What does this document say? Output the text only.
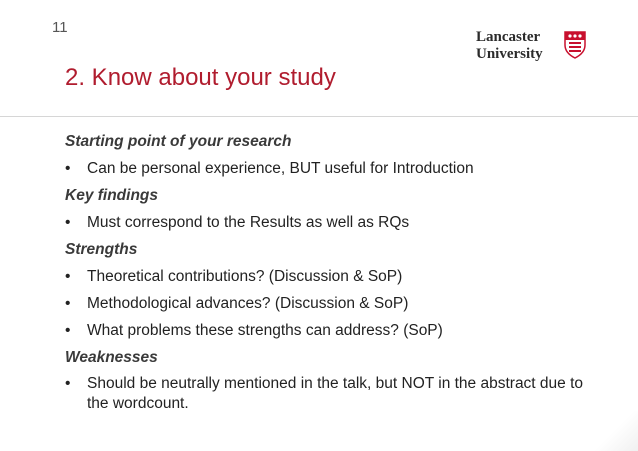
11
Lancaster
University
2. Know about your study
Starting point of your research
• Can be personal experience, BUT useful for Introduction
Key findings
• Must correspond to the Results as well as RQs
Strengths
• Theoretical contributions? (Discussion & SoP)
• Methodological advances? (Discussion & SoP)
• What problems these strengths can address? (SoP)
Weaknesses
• Should be neutrally mentioned in the talk, but NOT in the abstract due to the wordcount.
